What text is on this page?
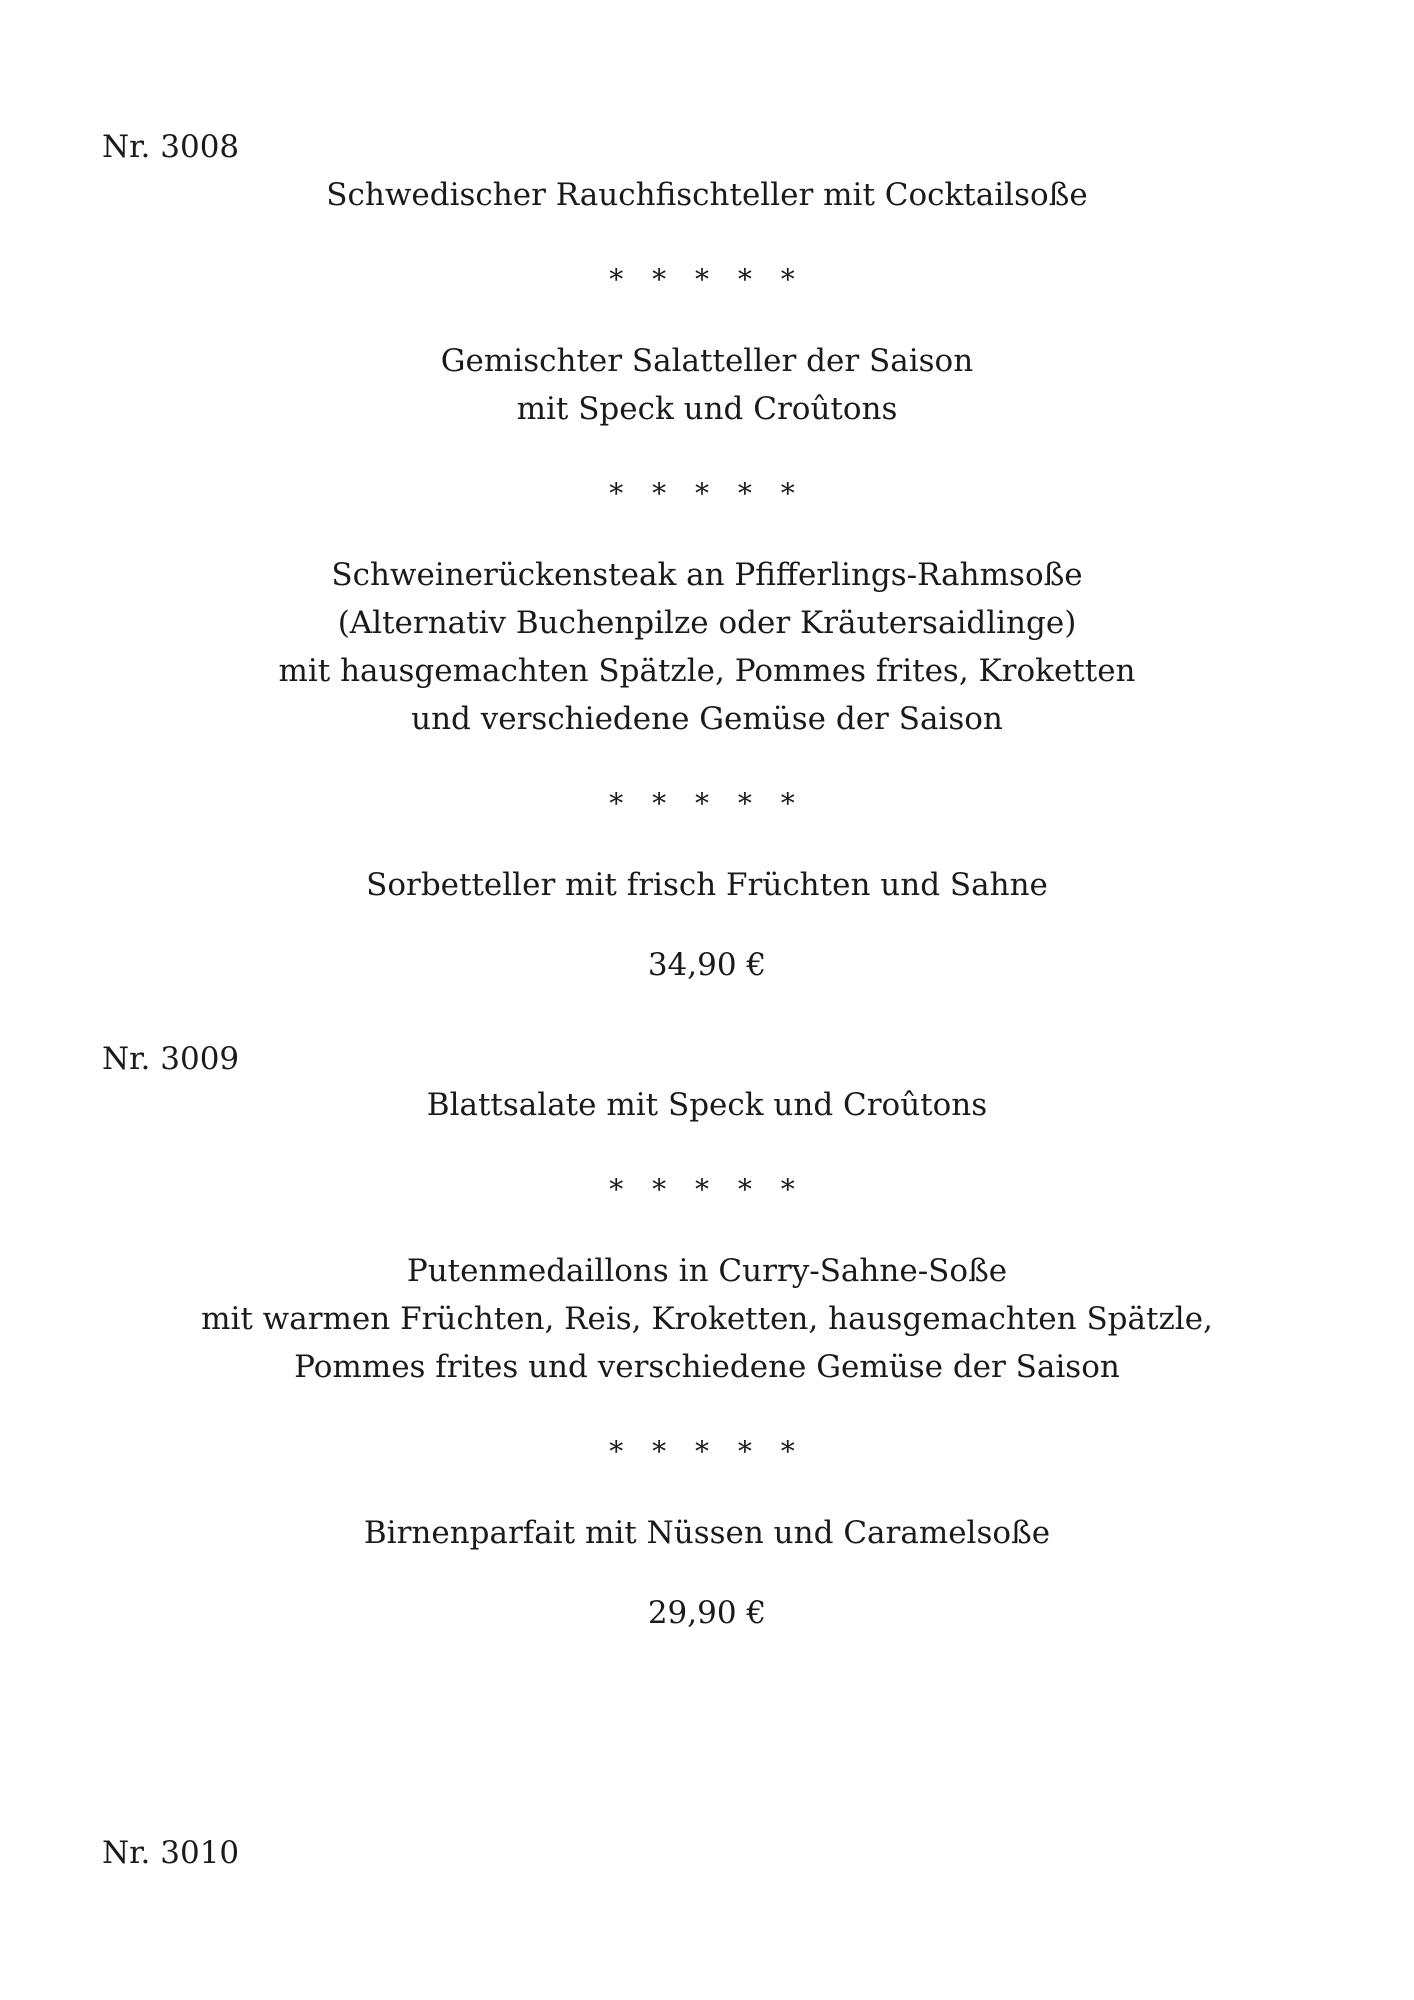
Nr. 3008
Schwedischer Rauchfischteller mit Cocktailsoße
* * * * *
Gemischter Salatteller der Saison
mit Speck und Croûtons
* * * * *
Schweinerückensteak an Pfifferlings-Rahmsoße
(Alternativ Buchenpilze oder Kräutersaidlinge)
mit hausgemachten Spätzle, Pommes frites, Kroketten
und verschiedene Gemüse der Saison
* * * * *
Sorbetteller mit frisch Früchten und Sahne
34,90 €
Nr. 3009
Blattsalate mit Speck und Croûtons
* * * * *
Putenmedaillons in Curry-Sahne-Soße
mit warmen Früchten, Reis, Kroketten, hausgemachten Spätzle,
Pommes frites und verschiedene Gemüse der Saison
* * * * *
Birnenparfait mit Nüssen und Caramelsoße
29,90 €
Nr. 3010
